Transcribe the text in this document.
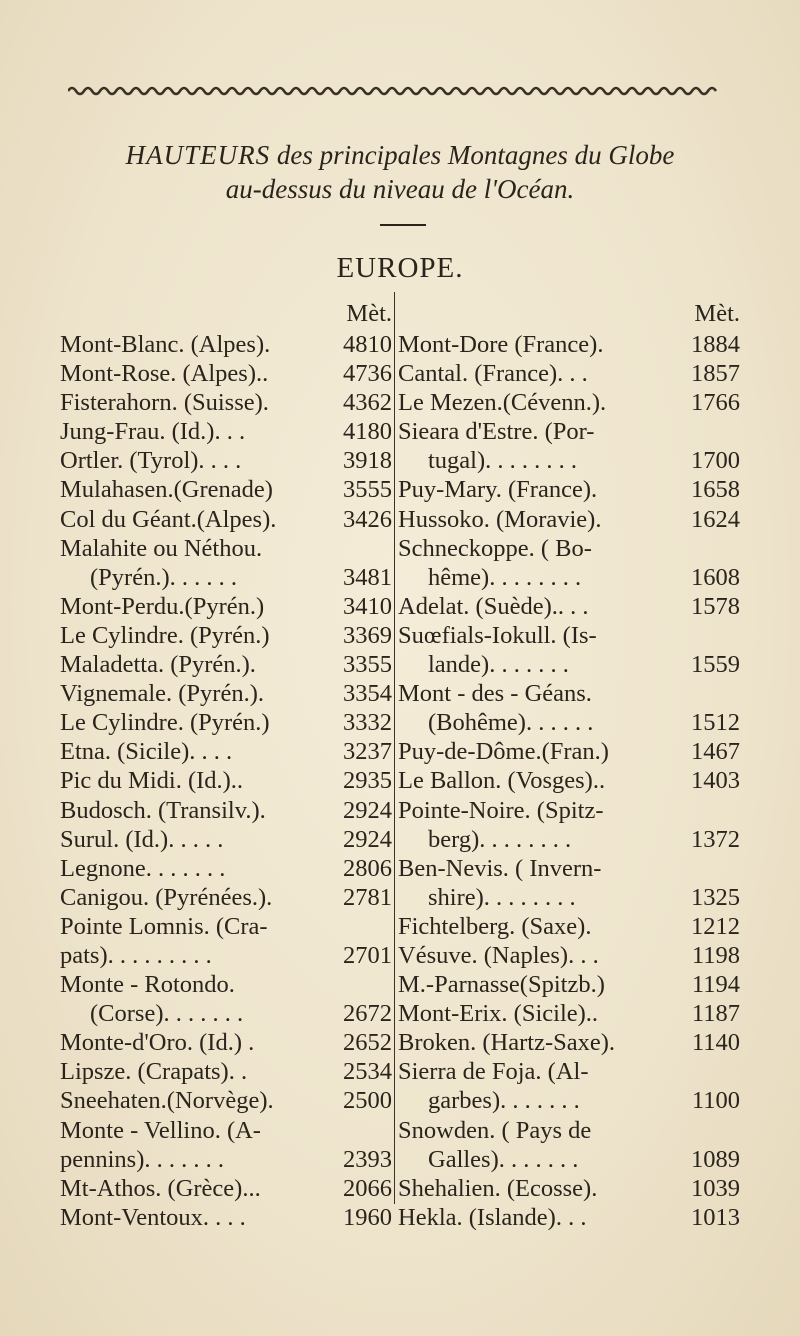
HAUTEURS des principales Montagnes du Globe
au-dessus du niveau de l'Océan.
EUROPE.
Mèt.
Mont-Blanc. (Alpes).	4810
Mont-Rose. (Alpes)..	4736
Fisterahorn. (Suisse).	4362
Jung-Frau. (Id.). . .	4180
Ortler. (Tyrol). . . .	3918
Mulahasen.(Grenade)	3555
Col du Géant.(Alpes).	3426
Malahite ou Néthou.
(Pyrén.). . . . . .	3481
Mont-Perdu.(Pyrén.)	3410
Le Cylindre. (Pyrén.)	3369
Maladetta. (Pyrén.).	3355
Vignemale. (Pyrén.).	3354
Le Cylindre. (Pyrén.)	3332
Etna. (Sicile). . . .	3237
Pic du Midi. (Id.)..	2935
Budosch. (Transilv.).	2924
Surul. (Id.). . . . .	2924
Legnone. . . . . . .	2806
Canigou. (Pyrénées.).	2781
Pointe Lomnis. (Cra-
pats). . . . . . . . .	2701
Monte - Rotondo.
(Corse). . . . . . .	2672
Monte-d'Oro. (Id.) .	2652
Lipsze. (Crapats). .	2534
Sneehaten.(Norvège).	2500
Monte - Vellino. (A-
pennins). . . . . . .	2393
Mt-Athos. (Grèce)...	2066
Mont-Ventoux. . . .	1960
Mèt.
Mont-Dore (France).	1884
Cantal. (France). . .	1857
Le Mezen.(Cévenn.).	1766
Sieara d'Estre. (Por-
tugal). . . . . . . .	1700
Puy-Mary. (France).	1658
Hussoko. (Moravie).	1624
Schneckoppe. ( Bo-
hême). . . . . . . .	1608
Adelat. (Suède).. . .	1578
Suœfials-Iokull. (Is-
lande). . . . . . .	1559
Mont - des - Géans.
(Bohême). . . . . .	1512
Puy-de-Dôme.(Fran.)	1467
Le Ballon. (Vosges)..	1403
Pointe-Noire. (Spitz-
berg). . . . . . . .	1372
Ben-Nevis. ( Invern-
shire). . . . . . . .	1325
Fichtelberg. (Saxe).	1212
Vésuve. (Naples). . .	1198
M.-Parnasse(Spitzb.)	1194
Mont-Erix. (Sicile)..	1187
Broken. (Hartz-Saxe).	1140
Sierra de Foja. (Al-
garbes). . . . . . .	1100
Snowden. ( Pays de
Galles). . . . . . .	1089
Shehalien. (Ecosse).	1039
Hekla. (Islande). . .	1013
